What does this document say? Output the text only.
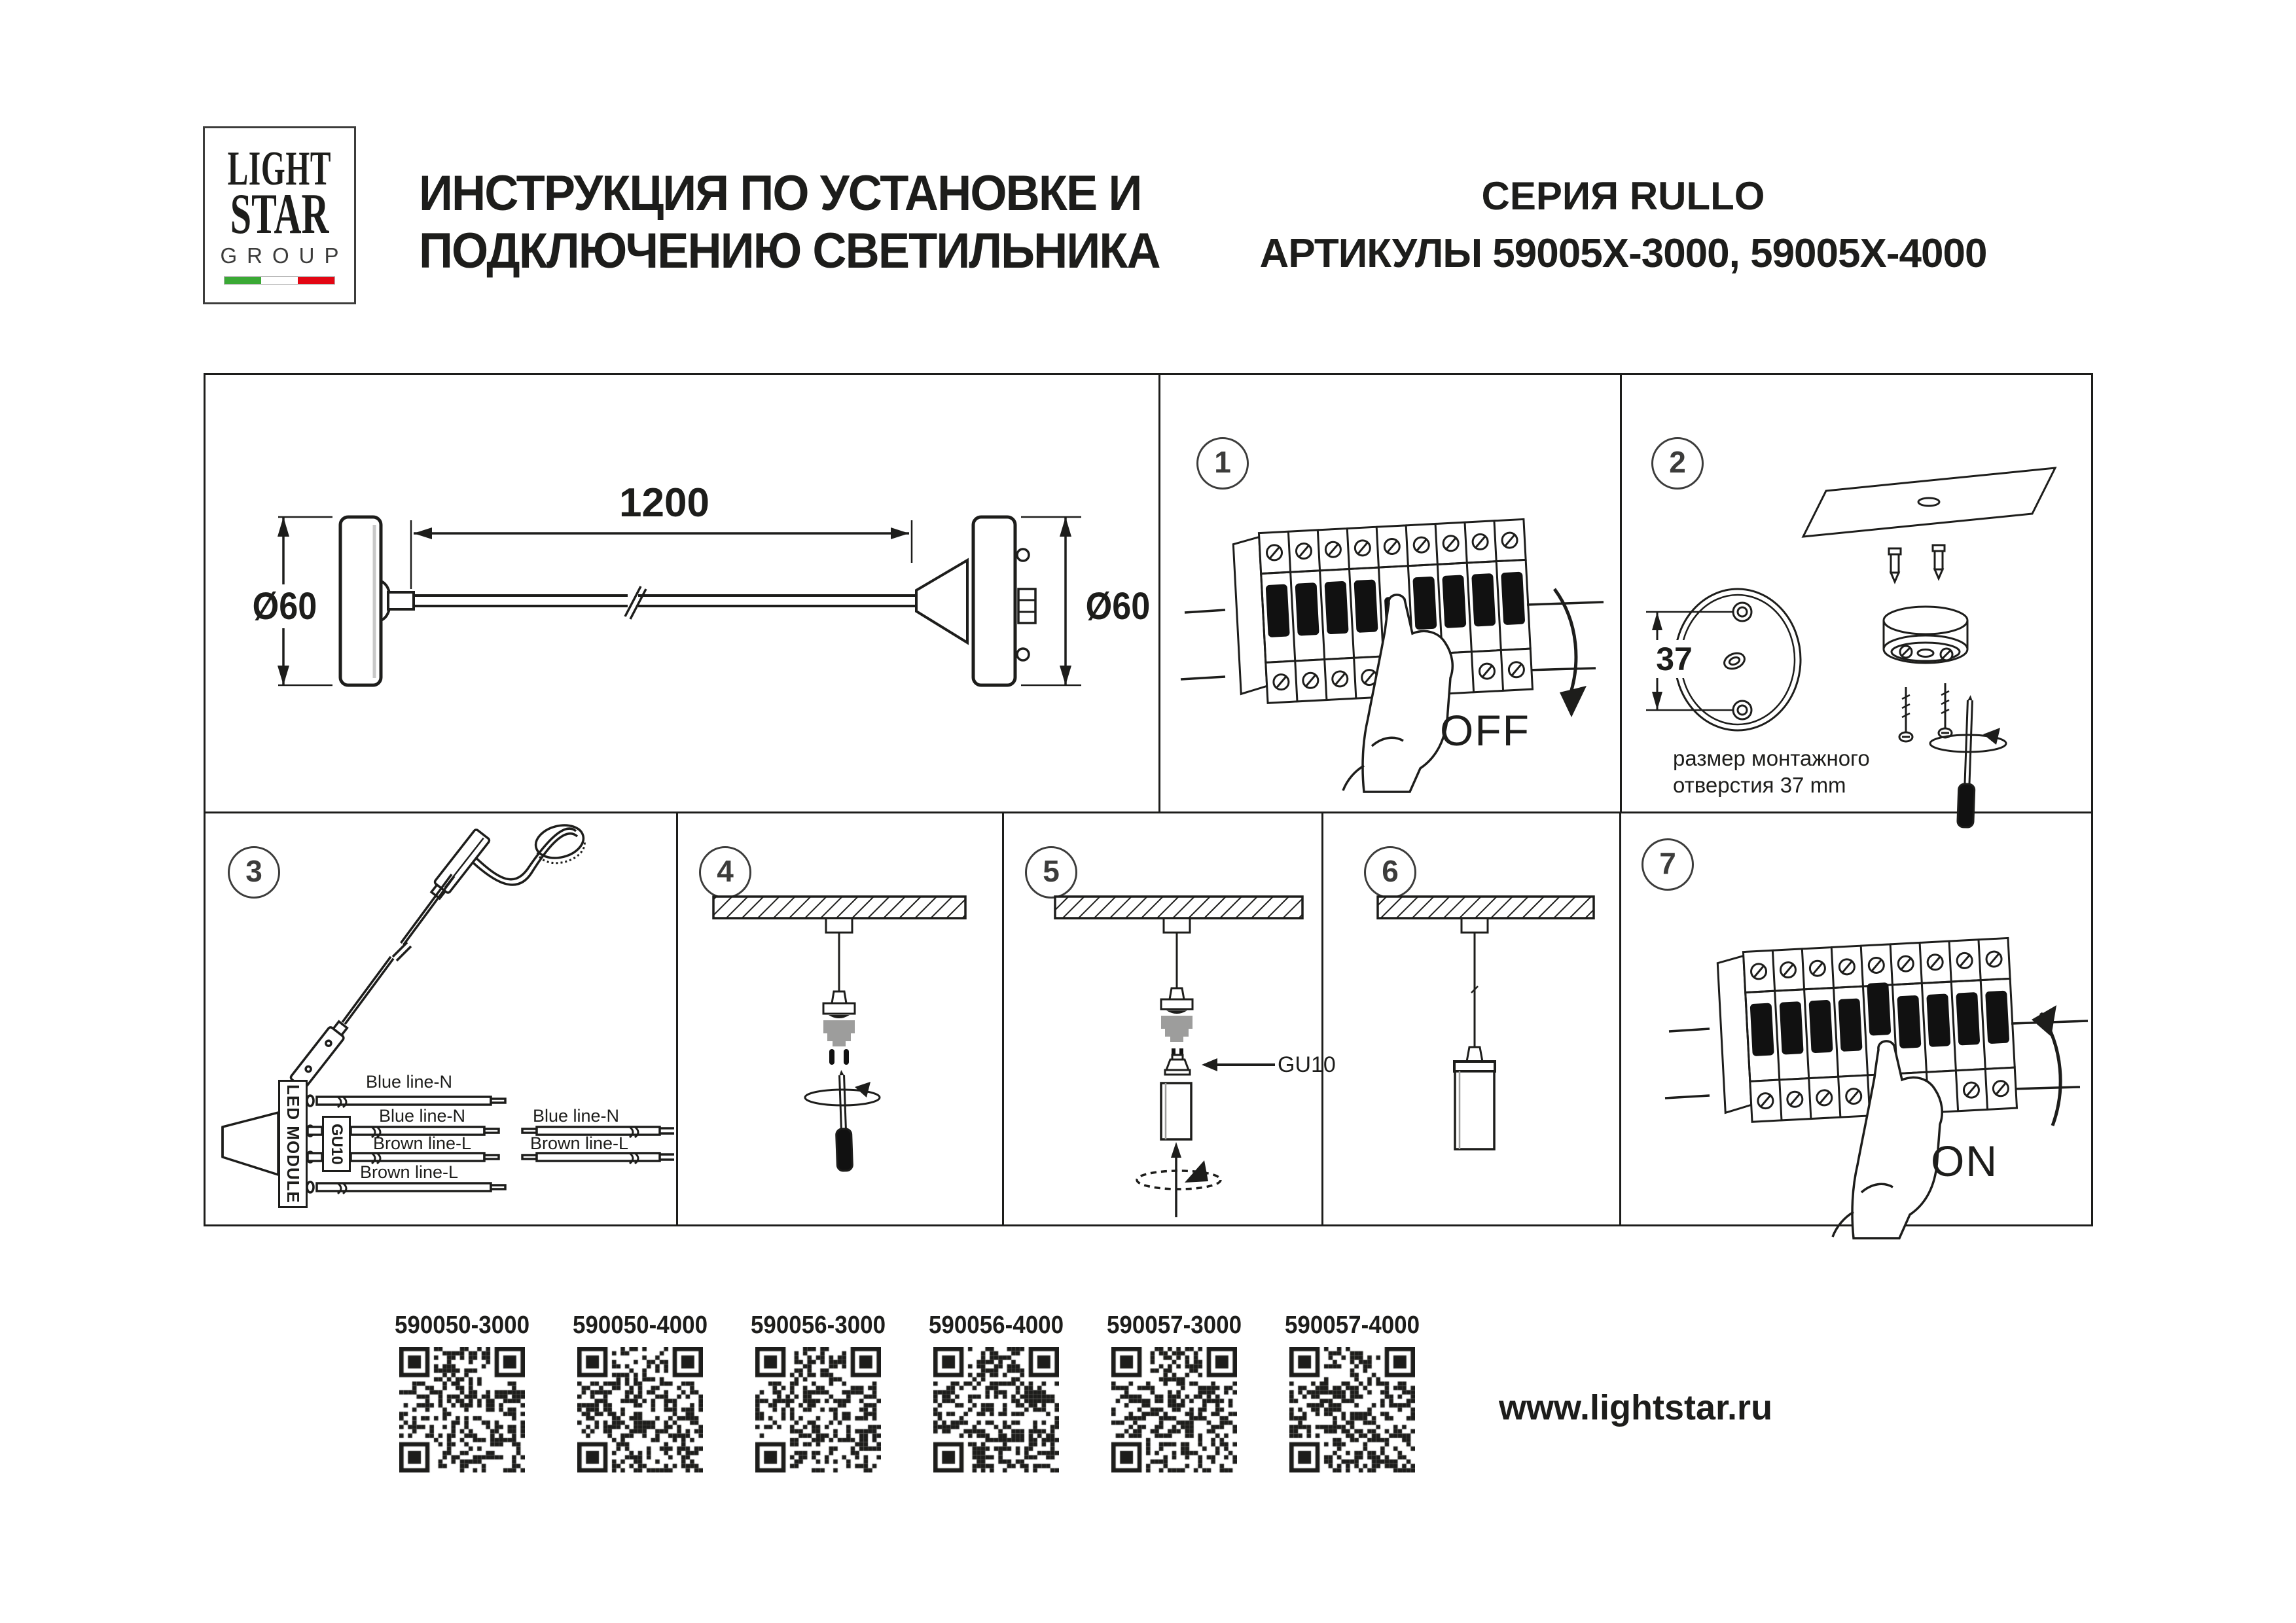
LIGHT
STAR
GROUP
ИНСТРУКЦИЯ ПО УСТАНОВКЕ И
ПОДКЛЮЧЕНИЮ СВЕТИЛЬНИКА
СЕРИЯ RULLO
АРТИКУЛЫ 59005X-3000, 59005X-4000
1	2
3	4	5	6	7
1200
Ø60	Ø60
OFF
37
размер монтажного
отверстия 37 mm
LED MODULE GU10
Blue line-N
Blue line-N
Brown line-L
Blue line-N
Brown line-L
Brown line-L
GU10
ON
590050-3000 590050-4000 590056-3000 590056-4000 590057-3000 590057-4000
www.lightstar.ru
